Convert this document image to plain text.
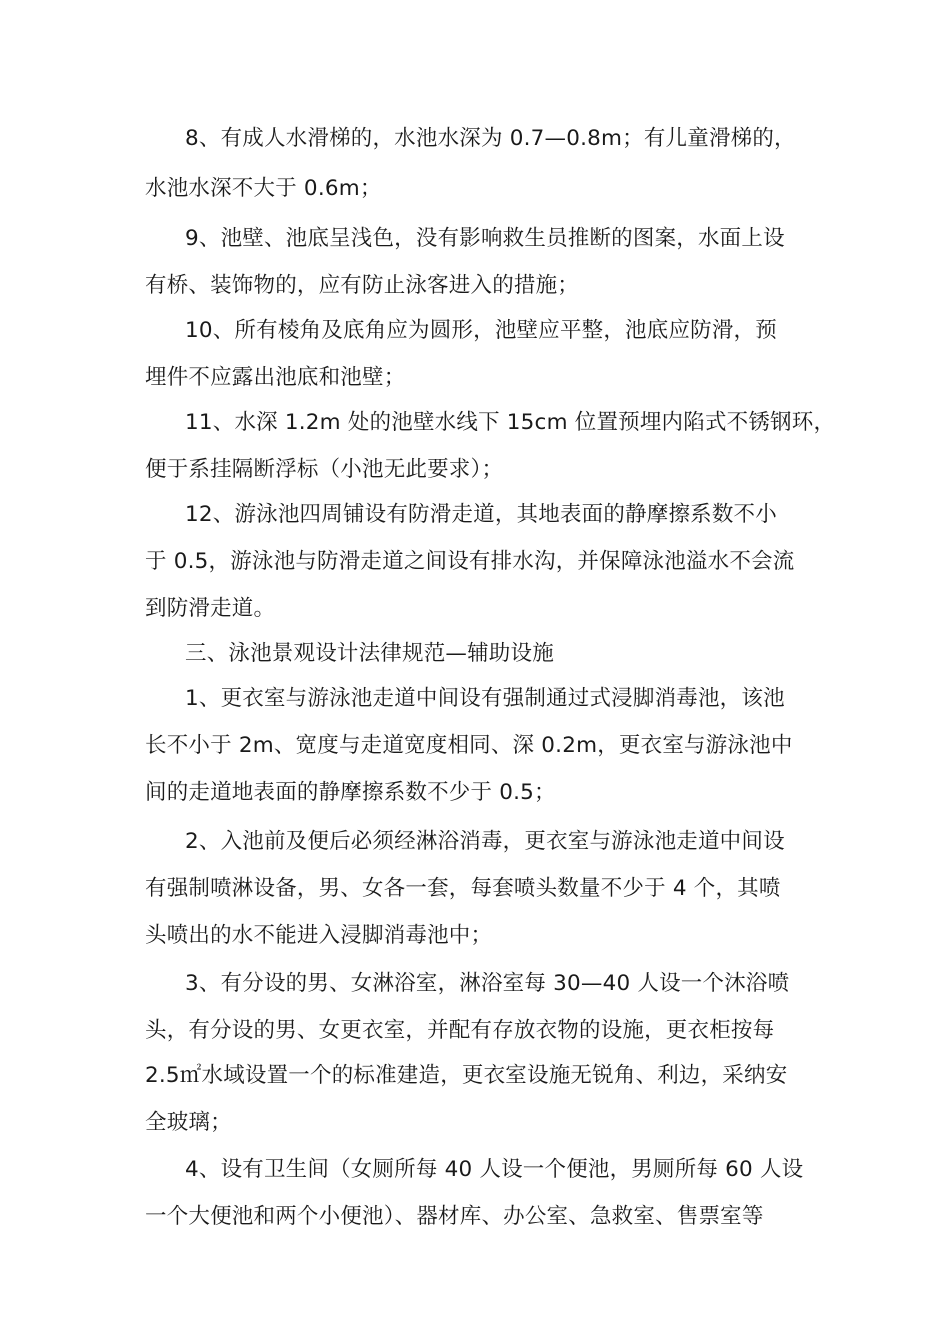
8、有成人水滑梯的，水池水深为 0.7—0.8m；有儿童滑梯的，
水池水深不大于 0.6m；
9、池壁、池底呈浅色，没有影响救生员推断的图案，水面上设
有桥、装饰物的，应有防止泳客进入的措施；
10、所有棱角及底角应为圆形，池壁应平整，池底应防滑，预
埋件不应露出池底和池壁；
11、水深 1.2m 处的池壁水线下 15cm 位置预埋内陷式不锈钢环，
便于系挂隔断浮标（小池无此要求）；
12、游泳池四周铺设有防滑走道，其地表面的静摩擦系数不小
于 0.5，游泳池与防滑走道之间设有排水沟，并保障泳池溢水不会流
到防滑走道。
三、泳池景观设计法律规范—辅助设施
1、更衣室与游泳池走道中间设有强制通过式浸脚消毒池，该池
长不小于 2m、宽度与走道宽度相同、深 0.2m，更衣室与游泳池中
间的走道地表面的静摩擦系数不少于 0.5；
2、入池前及便后必须经淋浴消毒，更衣室与游泳池走道中间设
有强制喷淋设备，男、女各一套，每套喷头数量不少于 4 个，其喷
头喷出的水不能进入浸脚消毒池中；
3、有分设的男、女淋浴室，淋浴室每 30—40 人设一个沐浴喷
头，有分设的男、女更衣室，并配有存放衣物的设施，更衣柜按每
2.5㎡水域设置一个的标准建造，更衣室设施无锐角、利边，采纳安
全玻璃；
4、设有卫生间（女厕所每 40 人设一个便池，男厕所每 60 人设
一个大便池和两个小便池）、器材库、办公室、急救室、售票室等
